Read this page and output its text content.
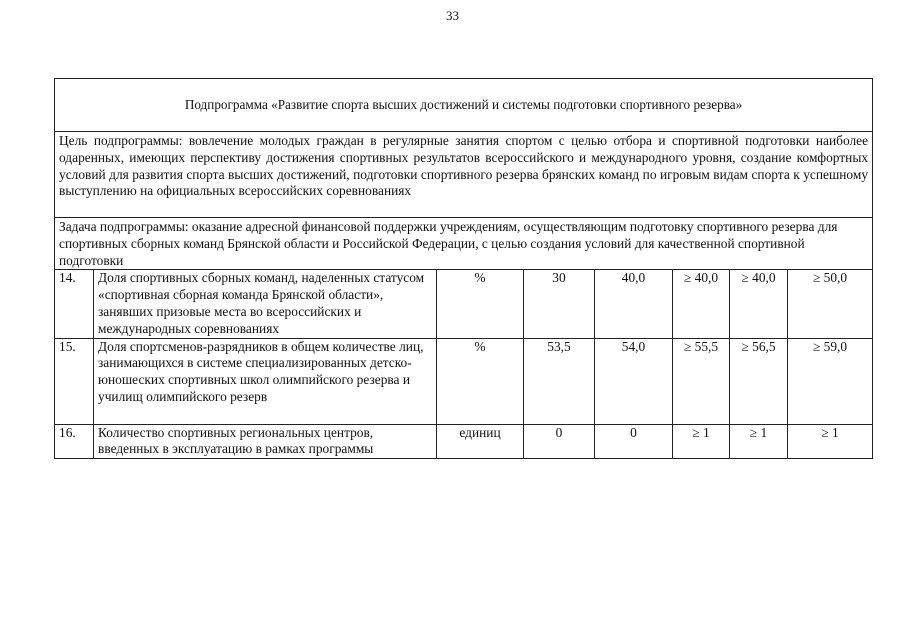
33
Подпрограмма «Развитие спорта высших достижений и системы подготовки спортивного резерва»							
Цель подпрограммы: вовлечение молодых граждан в регулярные занятия спортом с целью отбора и спортивной подготовки наиболее одаренных, имеющих перспективу достижения спортивных результатов всероссийского и международного уровня, создание комфортных условий для развития спорта высших достижений, подготовки спортивного резерва брянских команд по игровым видам спорта к успешному выступлению на официальных всероссийских соревнованиях							
Задача подпрограммы: оказание адресной финансовой поддержки учреждениям, осуществляющим подготовку спортивного резерва для спортивных сборных команд Брянской области и Российской Федерации, с целью создания условий для качественной спортивной подготовки							
14.	Доля спортивных сборных команд, наделенных статусом «спортивная сборная команда Брянской области», занявших призовые места во всероссийских и международных соревнованиях	%	30	40,0	≥ 40,0	≥ 40,0	≥ 50,0
15.	Доля спортсменов-разрядников в общем количестве лиц, занимающихся в системе специализированных детско-юношеских спортивных школ олимпийского резерва и училищ олимпийского резерв	%	53,5	54,0	≥ 55,5	≥ 56,5	≥ 59,0
16.	Количество спортивных региональных центров, введенных в эксплуатацию в рамках программы	единиц	0	0	≥ 1	≥ 1	≥ 1
